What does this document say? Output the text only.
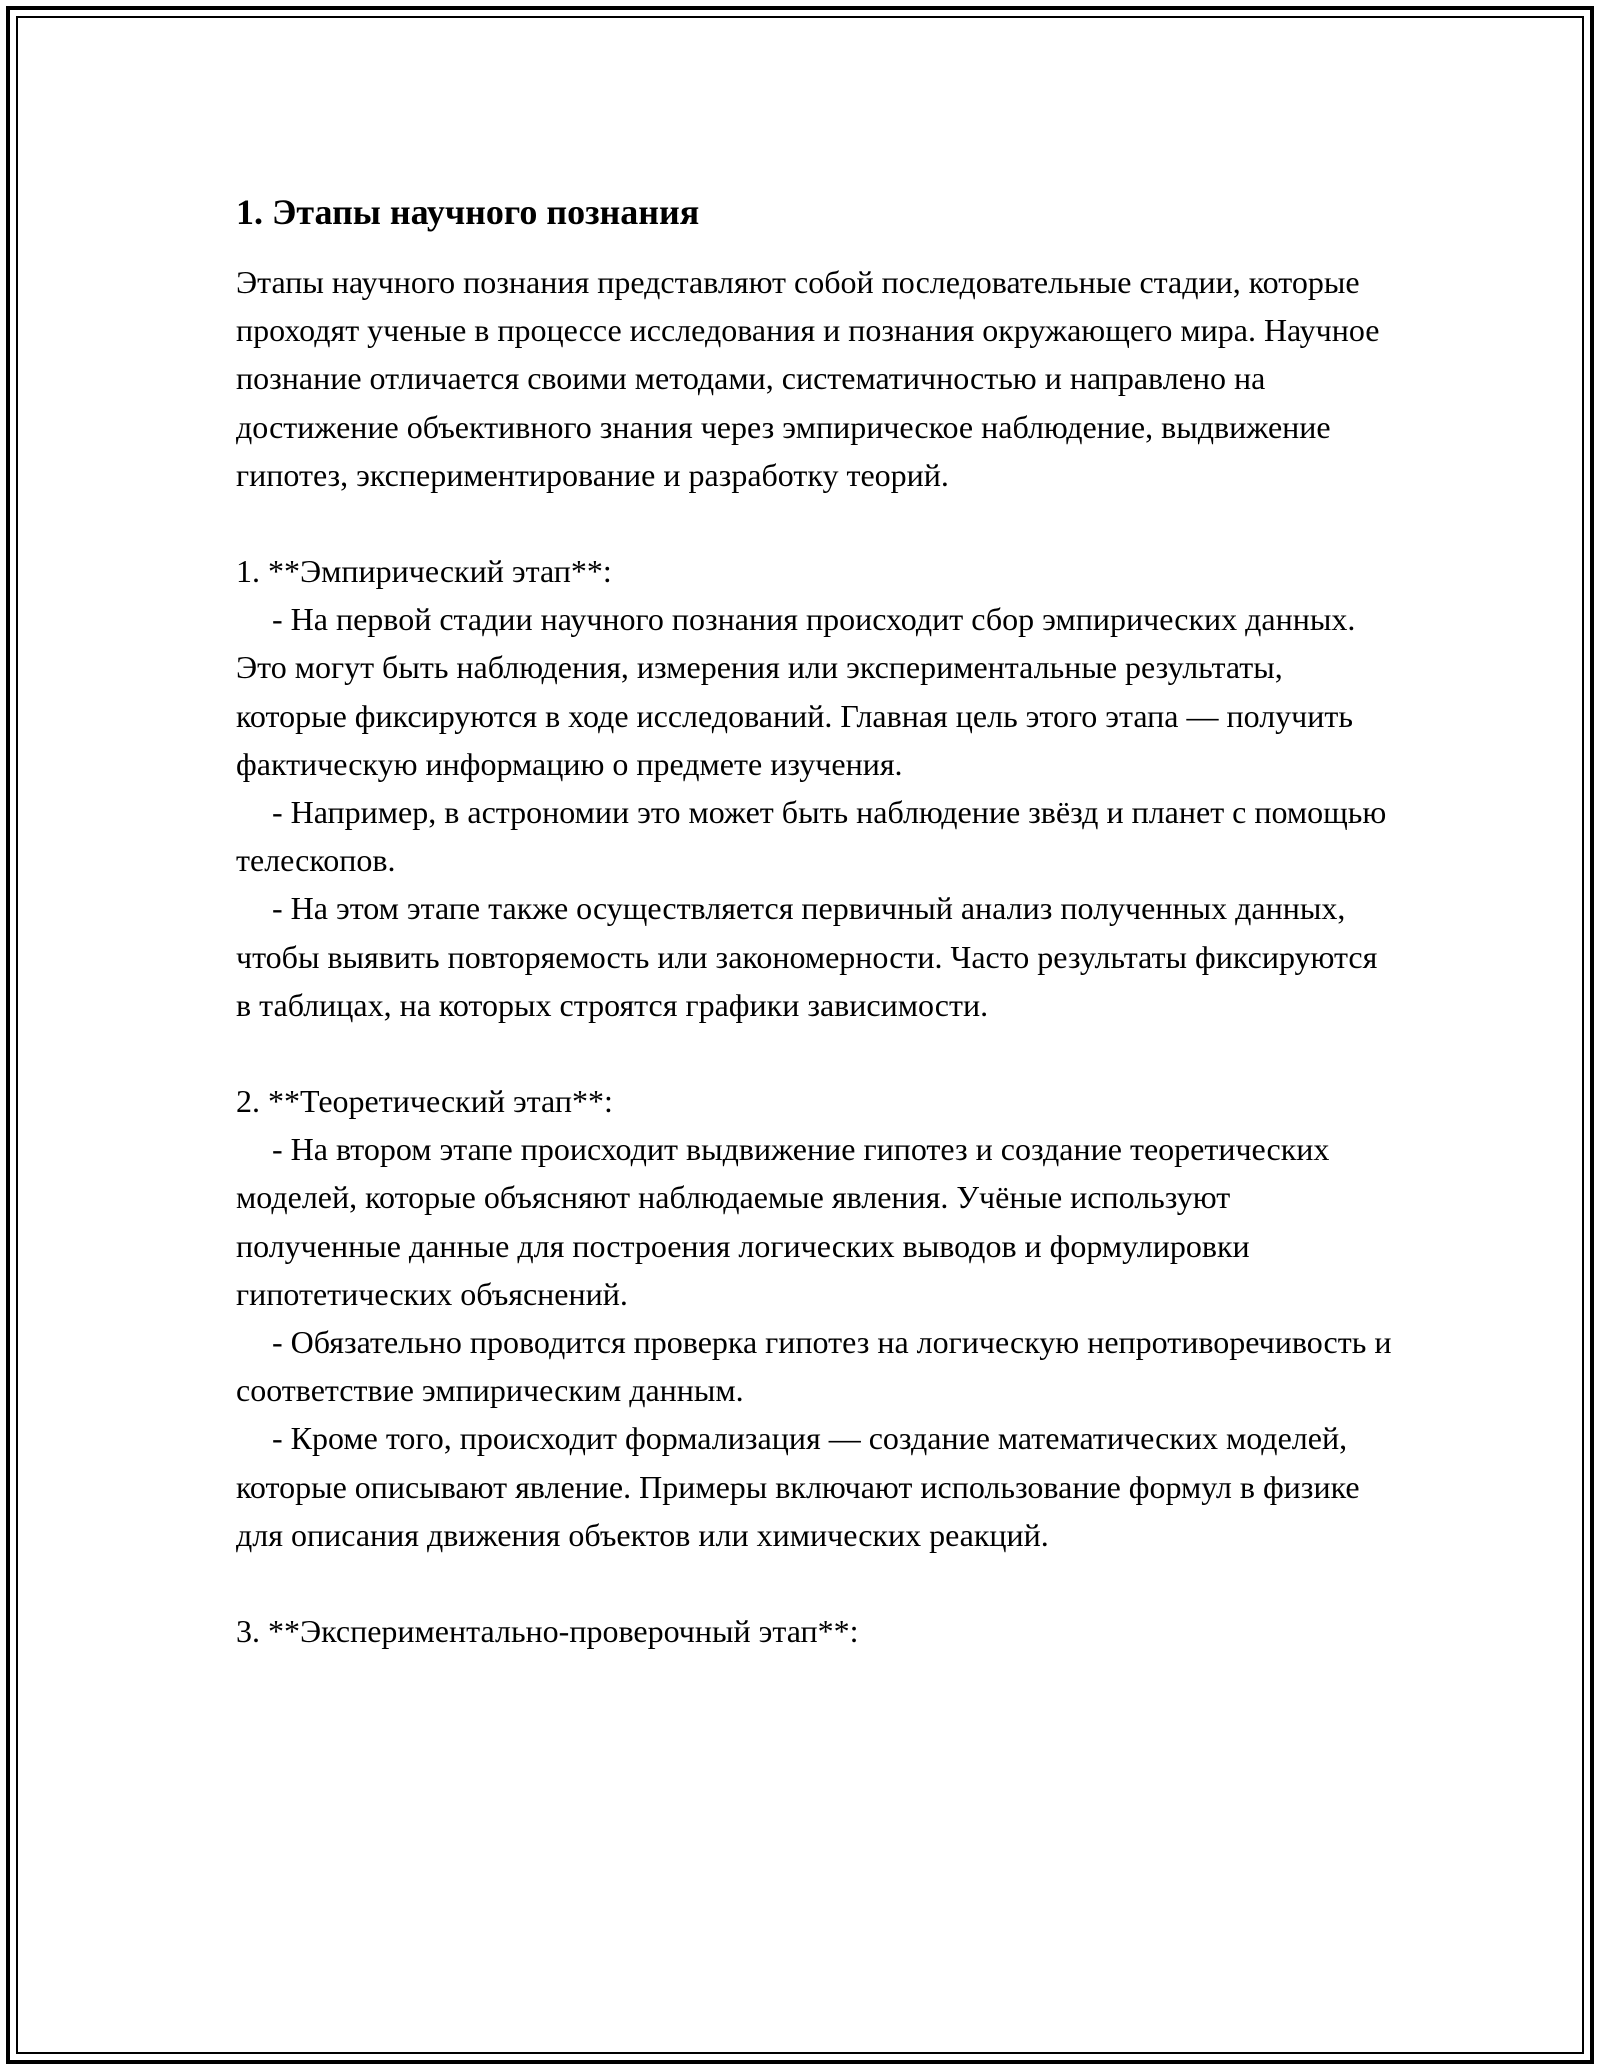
1. Этапы научного познания

Этапы научного познания представляют собой последовательные стадии, которые проходят ученые в процессе исследования и познания окружающего мира. Научное познание отличается своими методами, систематичностью и направлено на достижение объективного знания через эмпирическое наблюдение, выдвижение гипотез, экспериментирование и разработку теорий.

1. **Эмпирический этап**:

- На первой стадии научного познания происходит сбор эмпирических данных. Это могут быть наблюдения, измерения или экспериментальные результаты, которые фиксируются в ходе исследований. Главная цель этого этапа — получить фактическую информацию о предмете изучения.

- Например, в астрономии это может быть наблюдение звёзд и планет с помощью телескопов.

- На этом этапе также осуществляется первичный анализ полученных данных, чтобы выявить повторяемость или закономерности. Часто результаты фиксируются в таблицах, на которых строятся графики зависимости.

2. **Теоретический этап**:

- На втором этапе происходит выдвижение гипотез и создание теоретических моделей, которые объясняют наблюдаемые явления. Учёные используют полученные данные для построения логических выводов и формулировки гипотетических объяснений.

- Обязательно проводится проверка гипотез на логическую непротиворечивость и соответствие эмпирическим данным.

- Кроме того, происходит формализация — создание математических моделей, которые описывают явление. Примеры включают использование формул в физике для описания движения объектов или химических реакций.

3. **Экспериментально-проверочный этап**:
